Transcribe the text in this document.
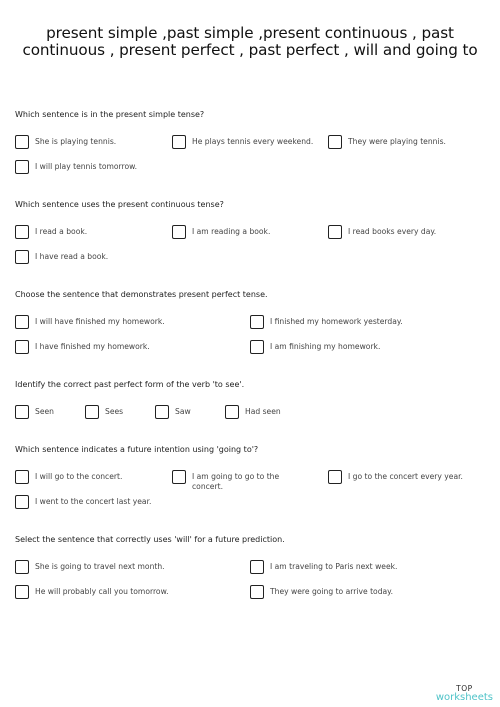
present simple ,past simple ,present continuous , past continuous , present perfect , past perfect , will and going to
Which sentence is in the present simple tense?
She is playing tennis.	He plays tennis every weekend.	They were playing tennis.
I will play tennis tomorrow.
Which sentence uses the present continuous tense?
I read a book.	I am reading a book.	I read books every day.
I have read a book.
Choose the sentence that demonstrates present perfect tense.
I will have finished my homework.	I finished my homework yesterday.
I have finished my homework.	I am finishing my homework.
Identify the correct past perfect form of the verb 'to see'.
Seen	Sees	Saw	Had seen
Which sentence indicates a future intention using 'going to'?
I will go to the concert.	I am going to go to the concert.
I go to the concert every year.
I went to the concert last year.
Select the sentence that correctly uses 'will' for a future prediction.
She is going to travel next month.	I am traveling to Paris next week.
He will probably call you tomorrow.	They were going to arrive today.
TOP
worksheets
